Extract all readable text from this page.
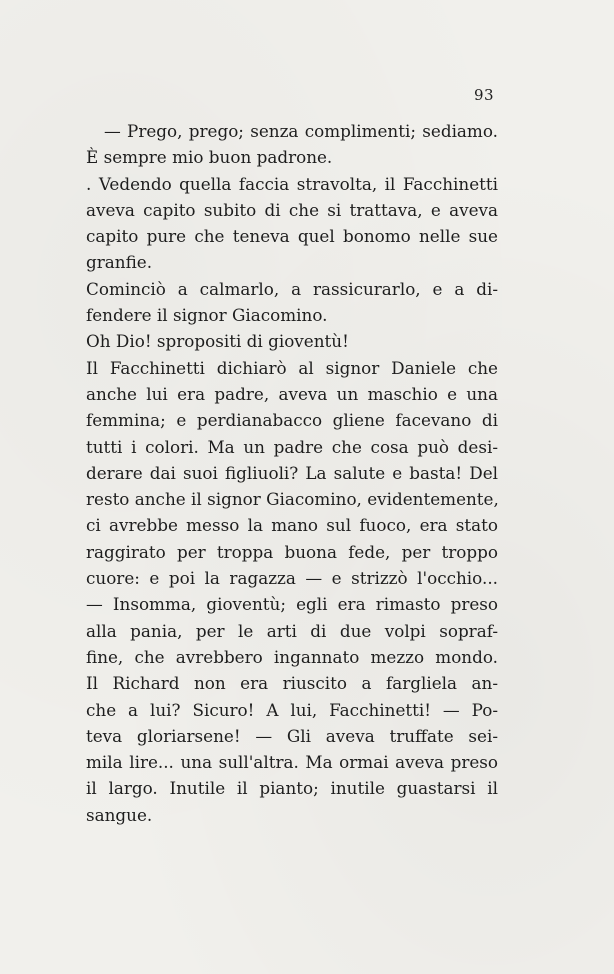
93
— Prego, prego; senza complimenti; sediamo.
È sempre mio buon padrone.
. Vedendo quella faccia stravolta, il Facchinetti
aveva capito subito di che si trattava, e aveva
capito pure che teneva quel bonomo nelle sue
granfie.
Cominciò a calmarlo, a rassicurarlo, e a di-
fendere il signor Giacomino.
Oh Dio! spropositi di gioventù!
Il Facchinetti dichiarò al signor Daniele che
anche lui era padre, aveva un maschio e una
femmina; e perdianabacco gliene facevano di
tutti i colori. Ma un padre che cosa può desi-
derare dai suoi figliuoli? La salute e basta! Del
resto anche il signor Giacomino, evidentemente,
ci avrebbe messo la mano sul fuoco, era stato
raggirato per troppa buona fede, per troppo
cuore: e poi la ragazza — e strizzò l'occhio...
— Insomma, gioventù; egli era rimasto preso
alla pania, per le arti di due volpi sopraf-
fine, che avrebbero ingannato mezzo mondo.
Il Richard non era riuscito a fargliela an-
che a lui? Sicuro! A lui, Facchinetti! — Po-
teva gloriarsene! — Gli aveva truffate sei-
mila lire... una sull'altra. Ma ormai aveva preso
il largo. Inutile il pianto; inutile guastarsi il
sangue.
